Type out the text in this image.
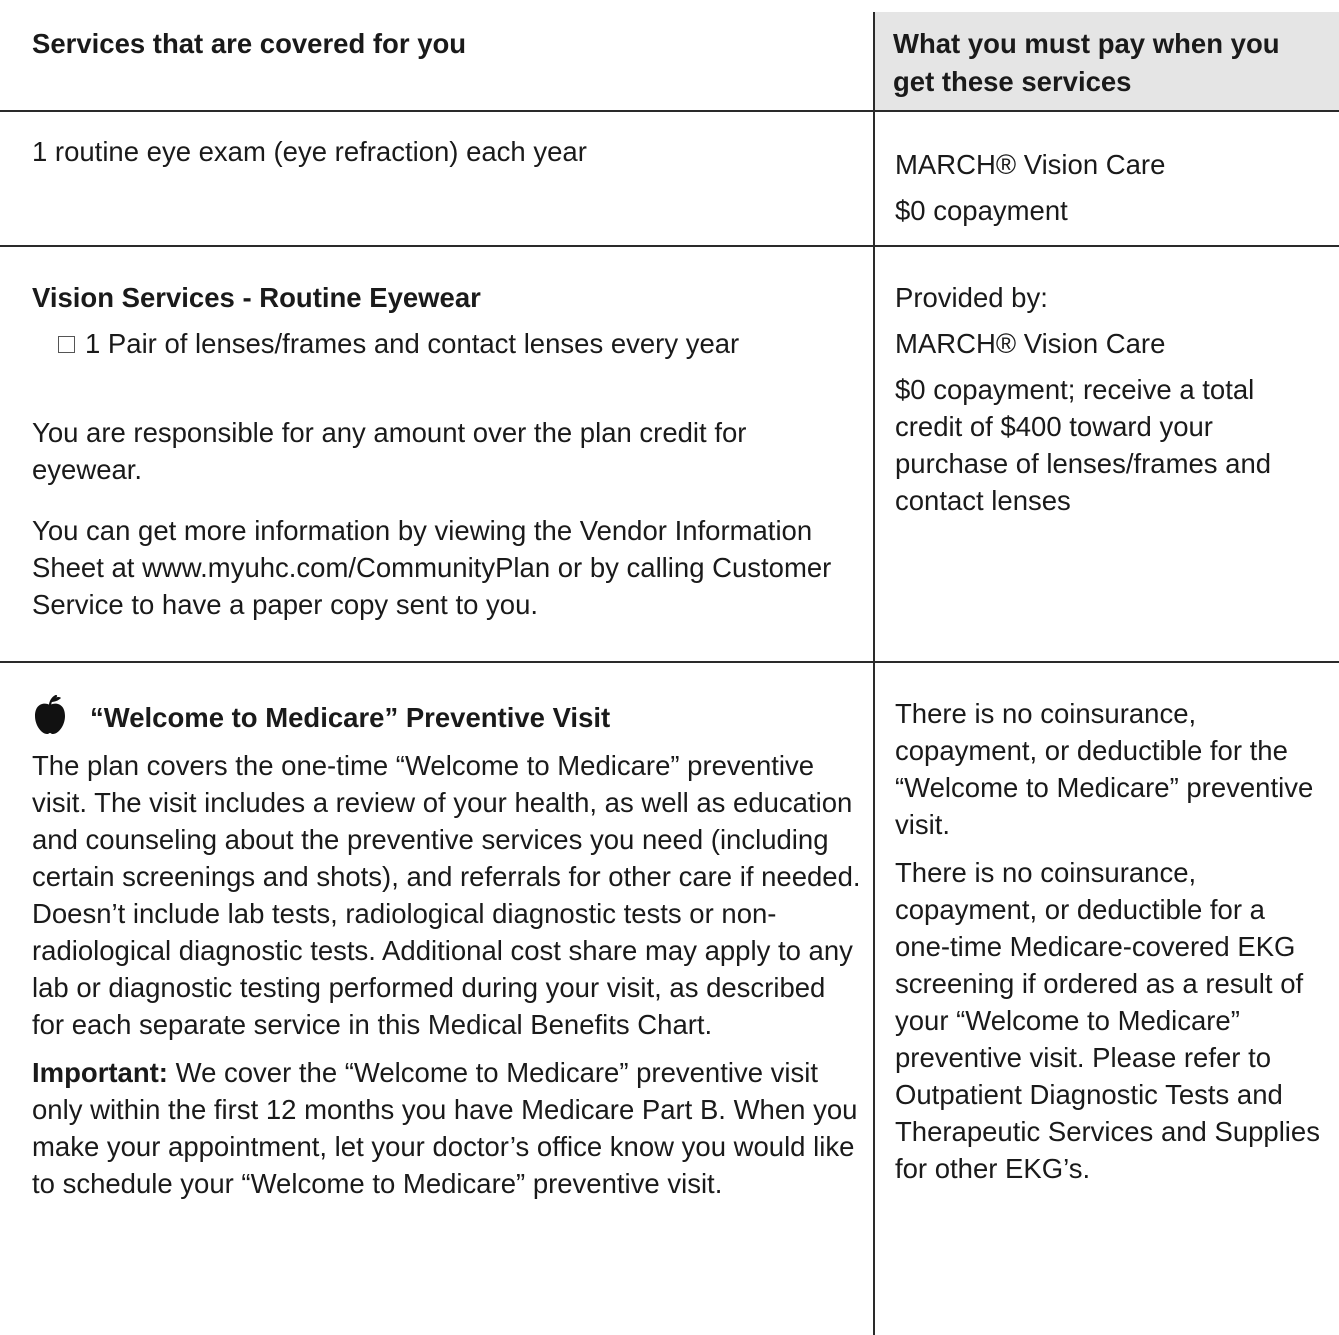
Services that are covered for you	What you must pay when you get these services

1 routine eye exam (eye refraction) each year	MARCH® Vision Care

$0 copayment

Vision Services - Routine Eyewear

1 Pair of lenses/frames and contact lenses every year

You are responsible for any amount over the plan credit for eyewear.

You can get more information by viewing the Vendor Information Sheet at www.myuhc.com/CommunityPlan or by calling Customer Service to have a paper copy sent to you.

Provided by:

MARCH® Vision Care

$0 copayment; receive a total credit of $400 toward your purchase of lenses/frames and contact lenses

“Welcome to Medicare” Preventive Visit

The plan covers the one-time “Welcome to Medicare” preventive visit. The visit includes a review of your health, as well as education and counseling about the preventive services you need (including certain screenings and shots), and referrals for other care if needed. Doesn’t include lab tests, radiological diagnostic tests or non-radiological diagnostic tests. Additional cost share may apply to any lab or diagnostic testing performed during your visit, as described for each separate service in this Medical Benefits Chart.

Important: We cover the “Welcome to Medicare” preventive visit only within the first 12 months you have Medicare Part B. When you make your appointment, let your doctor’s office know you would like to schedule your “Welcome to Medicare” preventive visit.

There is no coinsurance, copayment, or deductible for the “Welcome to Medicare” preventive visit.

There is no coinsurance, copayment, or deductible for a one-time Medicare-covered EKG screening if ordered as a result of your “Welcome to Medicare” preventive visit. Please refer to Outpatient Diagnostic Tests and Therapeutic Services and Supplies for other EKG’s.
